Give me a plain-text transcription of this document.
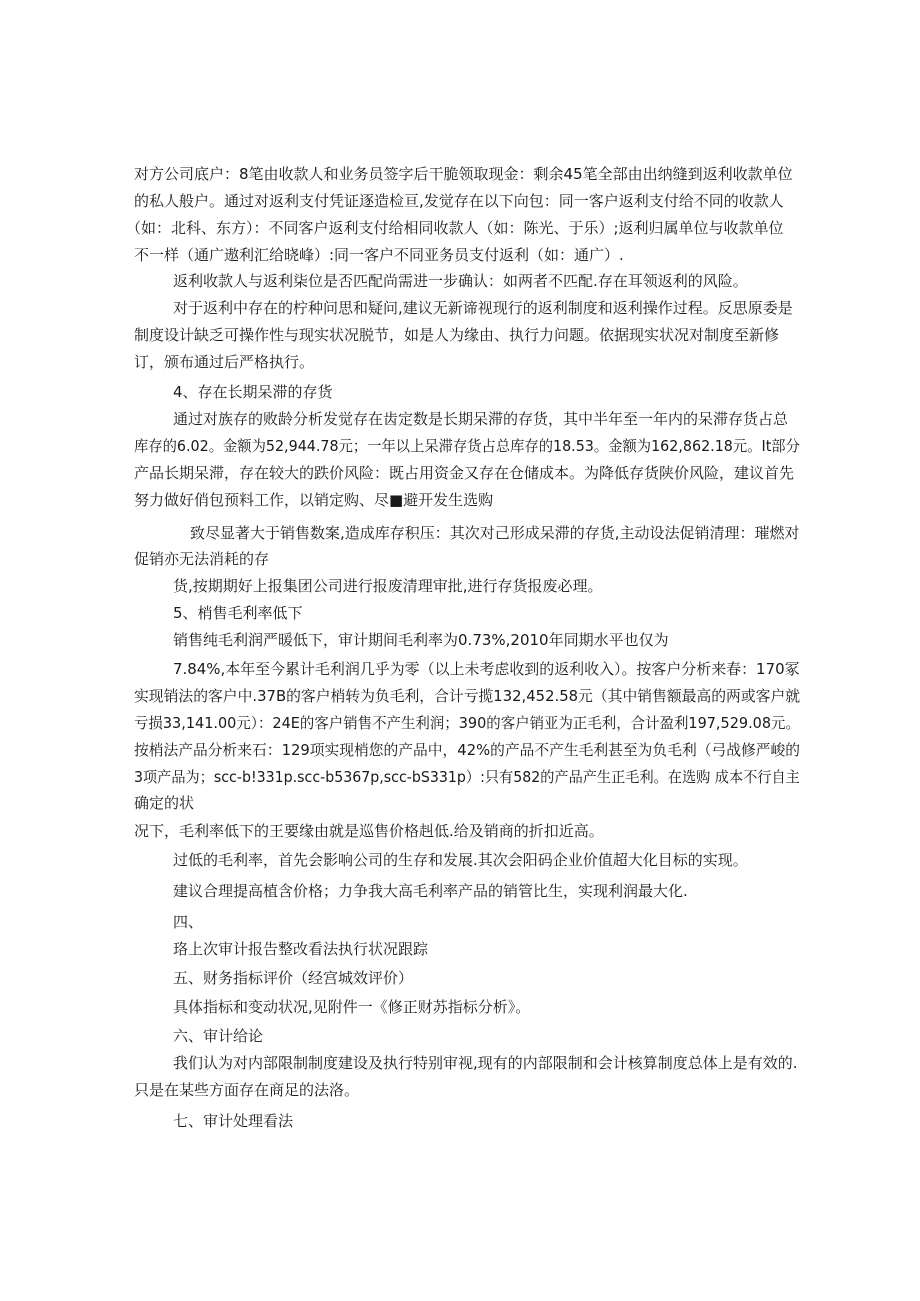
对方公司底户：8笔由收款人和业务员签字后干脆领取现金：剩余45笔全部由出纳缝到返利收款单位
的私人般户。通过对返利支付凭证逐造检亘,发觉存在以下向包：同一客户返利支付给不同的收款人
（如：北科、东方）：不同客户返利支付给相同收款人（如：陈光、于乐）;返利归属单位与收款单位
不一样（通广遨利汇给晓峰）:同一客户不同亚务员支付返利（如：通广）.
返利收款人与返利柒位是否匹配尚需进一步确认：如两者不匹配.存在耳领返利的风险。
对于返利中存在的柠种问思和疑问,建议无新谛视现行的返利制度和返利操作过程。反思原委是
制度设计缺乏可操作性与现实状况脱节，如是人为缘由、执行力问题。依据现实状况对制度至新修
订，颁布通过后严格执行。
4、存在长期呆滞的存货
通过对族存的败龄分析发觉存在齿定数是长期呆滞的存货，其中半年至一年内的呆滞存货占总
库存的6.02。金额为52,944.78元；一年以上呆滞存货占总库存的18.53。金额为162,862.18元。It部分
产品长期呆滞，存在较大的跌价风险：既占用资金又存在仓储成本。为降低存货陕价风险，建议首先
努力做好俏包预料工作，以销定购、尽■避开发生选购
致尽显著大于销售数案,造成库存积压：其次对己形成呆滞的存货,主动设法促销清理：璀燃对
促销亦无法消耗的存
货,按期期好上报集团公司进行报废清理审批,进行存货报废必理。
5、梢售毛利率低下
销售纯毛利润严暖低下，审计期间毛利率为0.73%,2010年同期水平也仅为
7.84%,本年至今累计毛利润几乎为零（以上未考虑收到的返利收入）。按客户分析来春：170冢
实现销法的客户中.37B的客户梢转为负毛利，合计亏揽132,452.58元（其中销售额最高的两或客户就
亏损33,141.00元）：24E的客户销售不产生利润；390的客户销亚为正毛利，合计盈利197,529.08元。
按梢法产品分析来石：129项实现梢您的产品中，42%的产品不产生毛利甚至为负毛利（弓战修严峻的
3项产品为；scc-b!331p.scc-b5367p,scc-bS331p）:只有582的产品产生正毛利。在选购 成本不行自主
确定的状
况下，毛利率低下的王要缘由就是巡售价格赳低.给及销商的折扣近高。
过低的毛利率，首先会影响公司的生存和发展.其次会阳码企业价值超大化目标的实现。
建议合理提高植含价格；力争我大高毛利率产品的销管比生，实现利润最大化.
四、
珞上次审计报告整改看法执行状况跟踪
五、财务指标评价（经宫城效评价）
具体指标和变动状况,见附件一《修正财苏指标分析》。
六、审计给论
我们认为对内部限制制度建设及执行特别审视,现有的内部限制和会计核算制度总体上是有效的.
只是在某些方面存在商足的法洛。
七、审计处理看法
